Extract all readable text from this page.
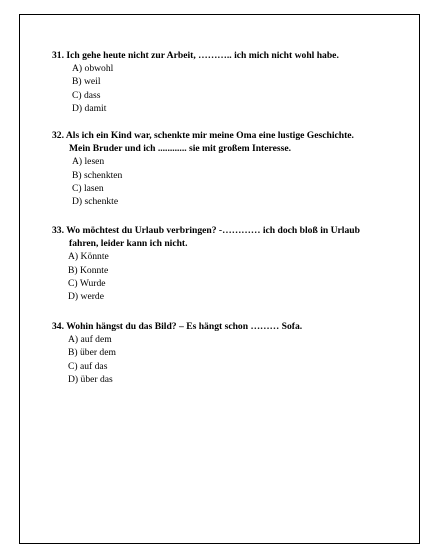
31. Ich gehe heute nicht zur Arbeit, ……….. ich mich nicht wohl habe.
A) obwohl
B) weil
C) dass
D) damit
32. Als ich ein Kind war, schenkte mir meine Oma eine lustige Geschichte.
Mein Bruder und ich ............ sie mit großem Interesse.
A) lesen
B) schenkten
C) lasen
D) schenkte
33. Wo möchtest du Urlaub verbringen? -………… ich doch bloß in Urlaub
fahren, leider kann ich nicht.
A) Könnte
B) Konnte
C) Wurde
D) werde
34. Wohin hängst du das Bild? – Es hängt schon ……… Sofa.
A) auf dem
B) über dem
C) auf das
D) über das
